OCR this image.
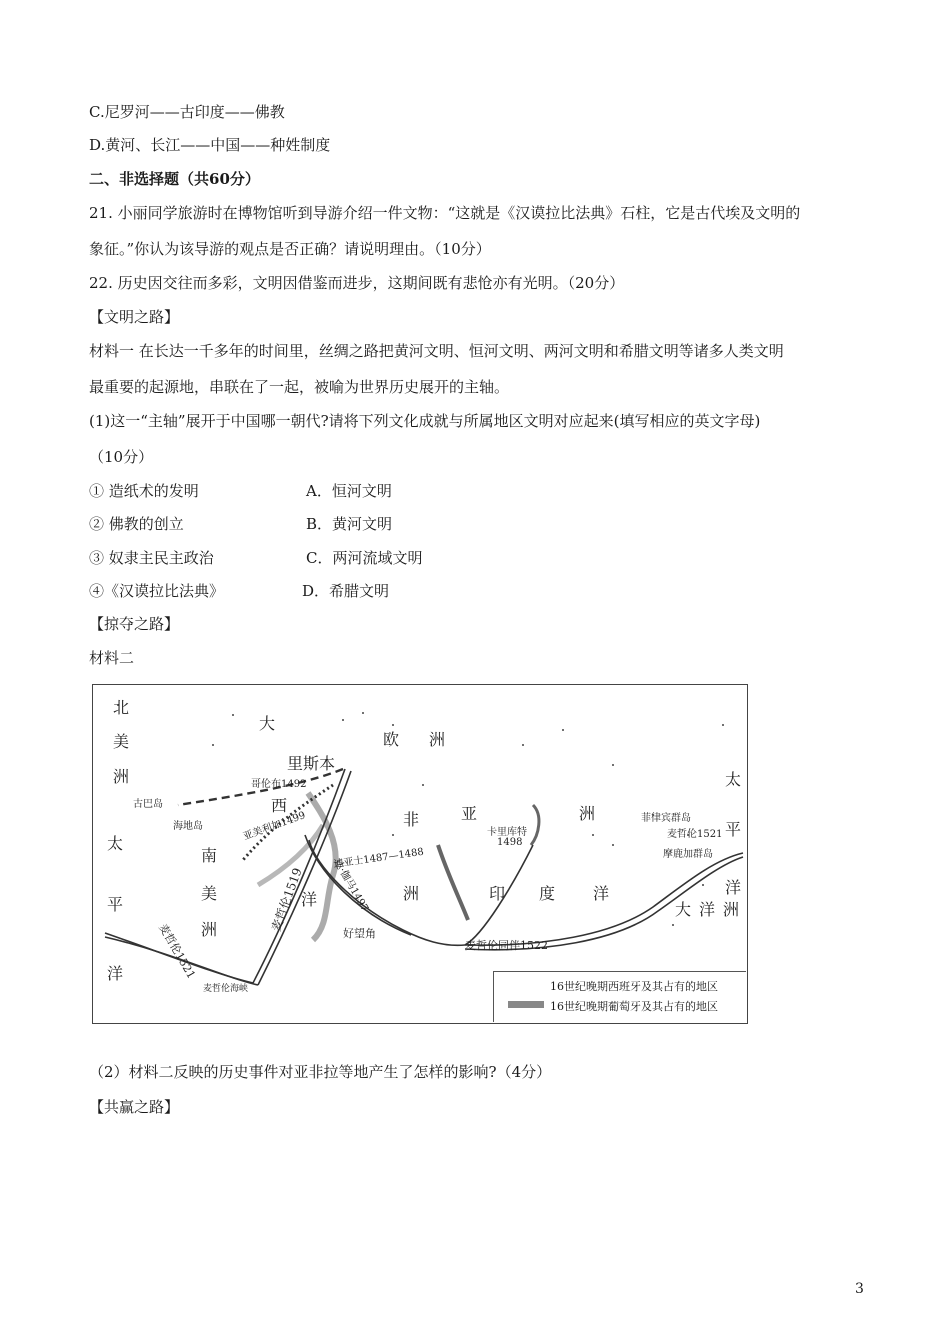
C.尼罗河——古印度——佛教
D.黄河、长江——中国——种姓制度
二、非选择题（共60分）
21. 小丽同学旅游时在博物馆听到导游介绍一件文物：“这就是《汉谟拉比法典》石柱，它是古代埃及文明的
象征。”你认为该导游的观点是否正确？请说明理由。（10分）
22. 历史因交往而多彩，文明因借鉴而进步，这期间既有悲怆亦有光明。（20分）
【文明之路】
材料一 在长达一千多年的时间里，丝绸之路把黄河文明、恒河文明、两河文明和希腊文明等诸多人类文明
最重要的起源地，串联在了一起，被喻为世界历史展开的主轴。
(1)这一“主轴”展开于中国哪一朝代?请将下列文化成就与所属地区文明对应起来(填写相应的英文字母)
（10分）
① 造纸术的发明	A．恒河文明
② 佛教的创立	B．黄河文明
③ 奴隶主民主政治	C．两河流域文明
④《汉谟拉比法典》	D．希腊文明
【掠夺之路】
材料二
北
美
洲
太
平
洋
大
西
洋
南
美
洲
欧 洲
非
洲
亚	洲
印 度 洋
太
平
洋
大 洋 洲
里斯本
哥伦布1492
古巴岛
海地岛	亚美利加1499
麦哲伦1519
迪亚士1487—1488
达·伽马1497
好望角
卡里库特
1498
菲律宾群岛
麦哲伦1521
摩鹿加群岛
麦哲伦同伴1522
麦哲伦1521
麦哲伦海峡	16世纪晚期西班牙及其占有的地区
16世纪晚期葡萄牙及其占有的地区
（2）材料二反映的历史事件对亚非拉等地产生了怎样的影响?（4分）
【共赢之路】
3
